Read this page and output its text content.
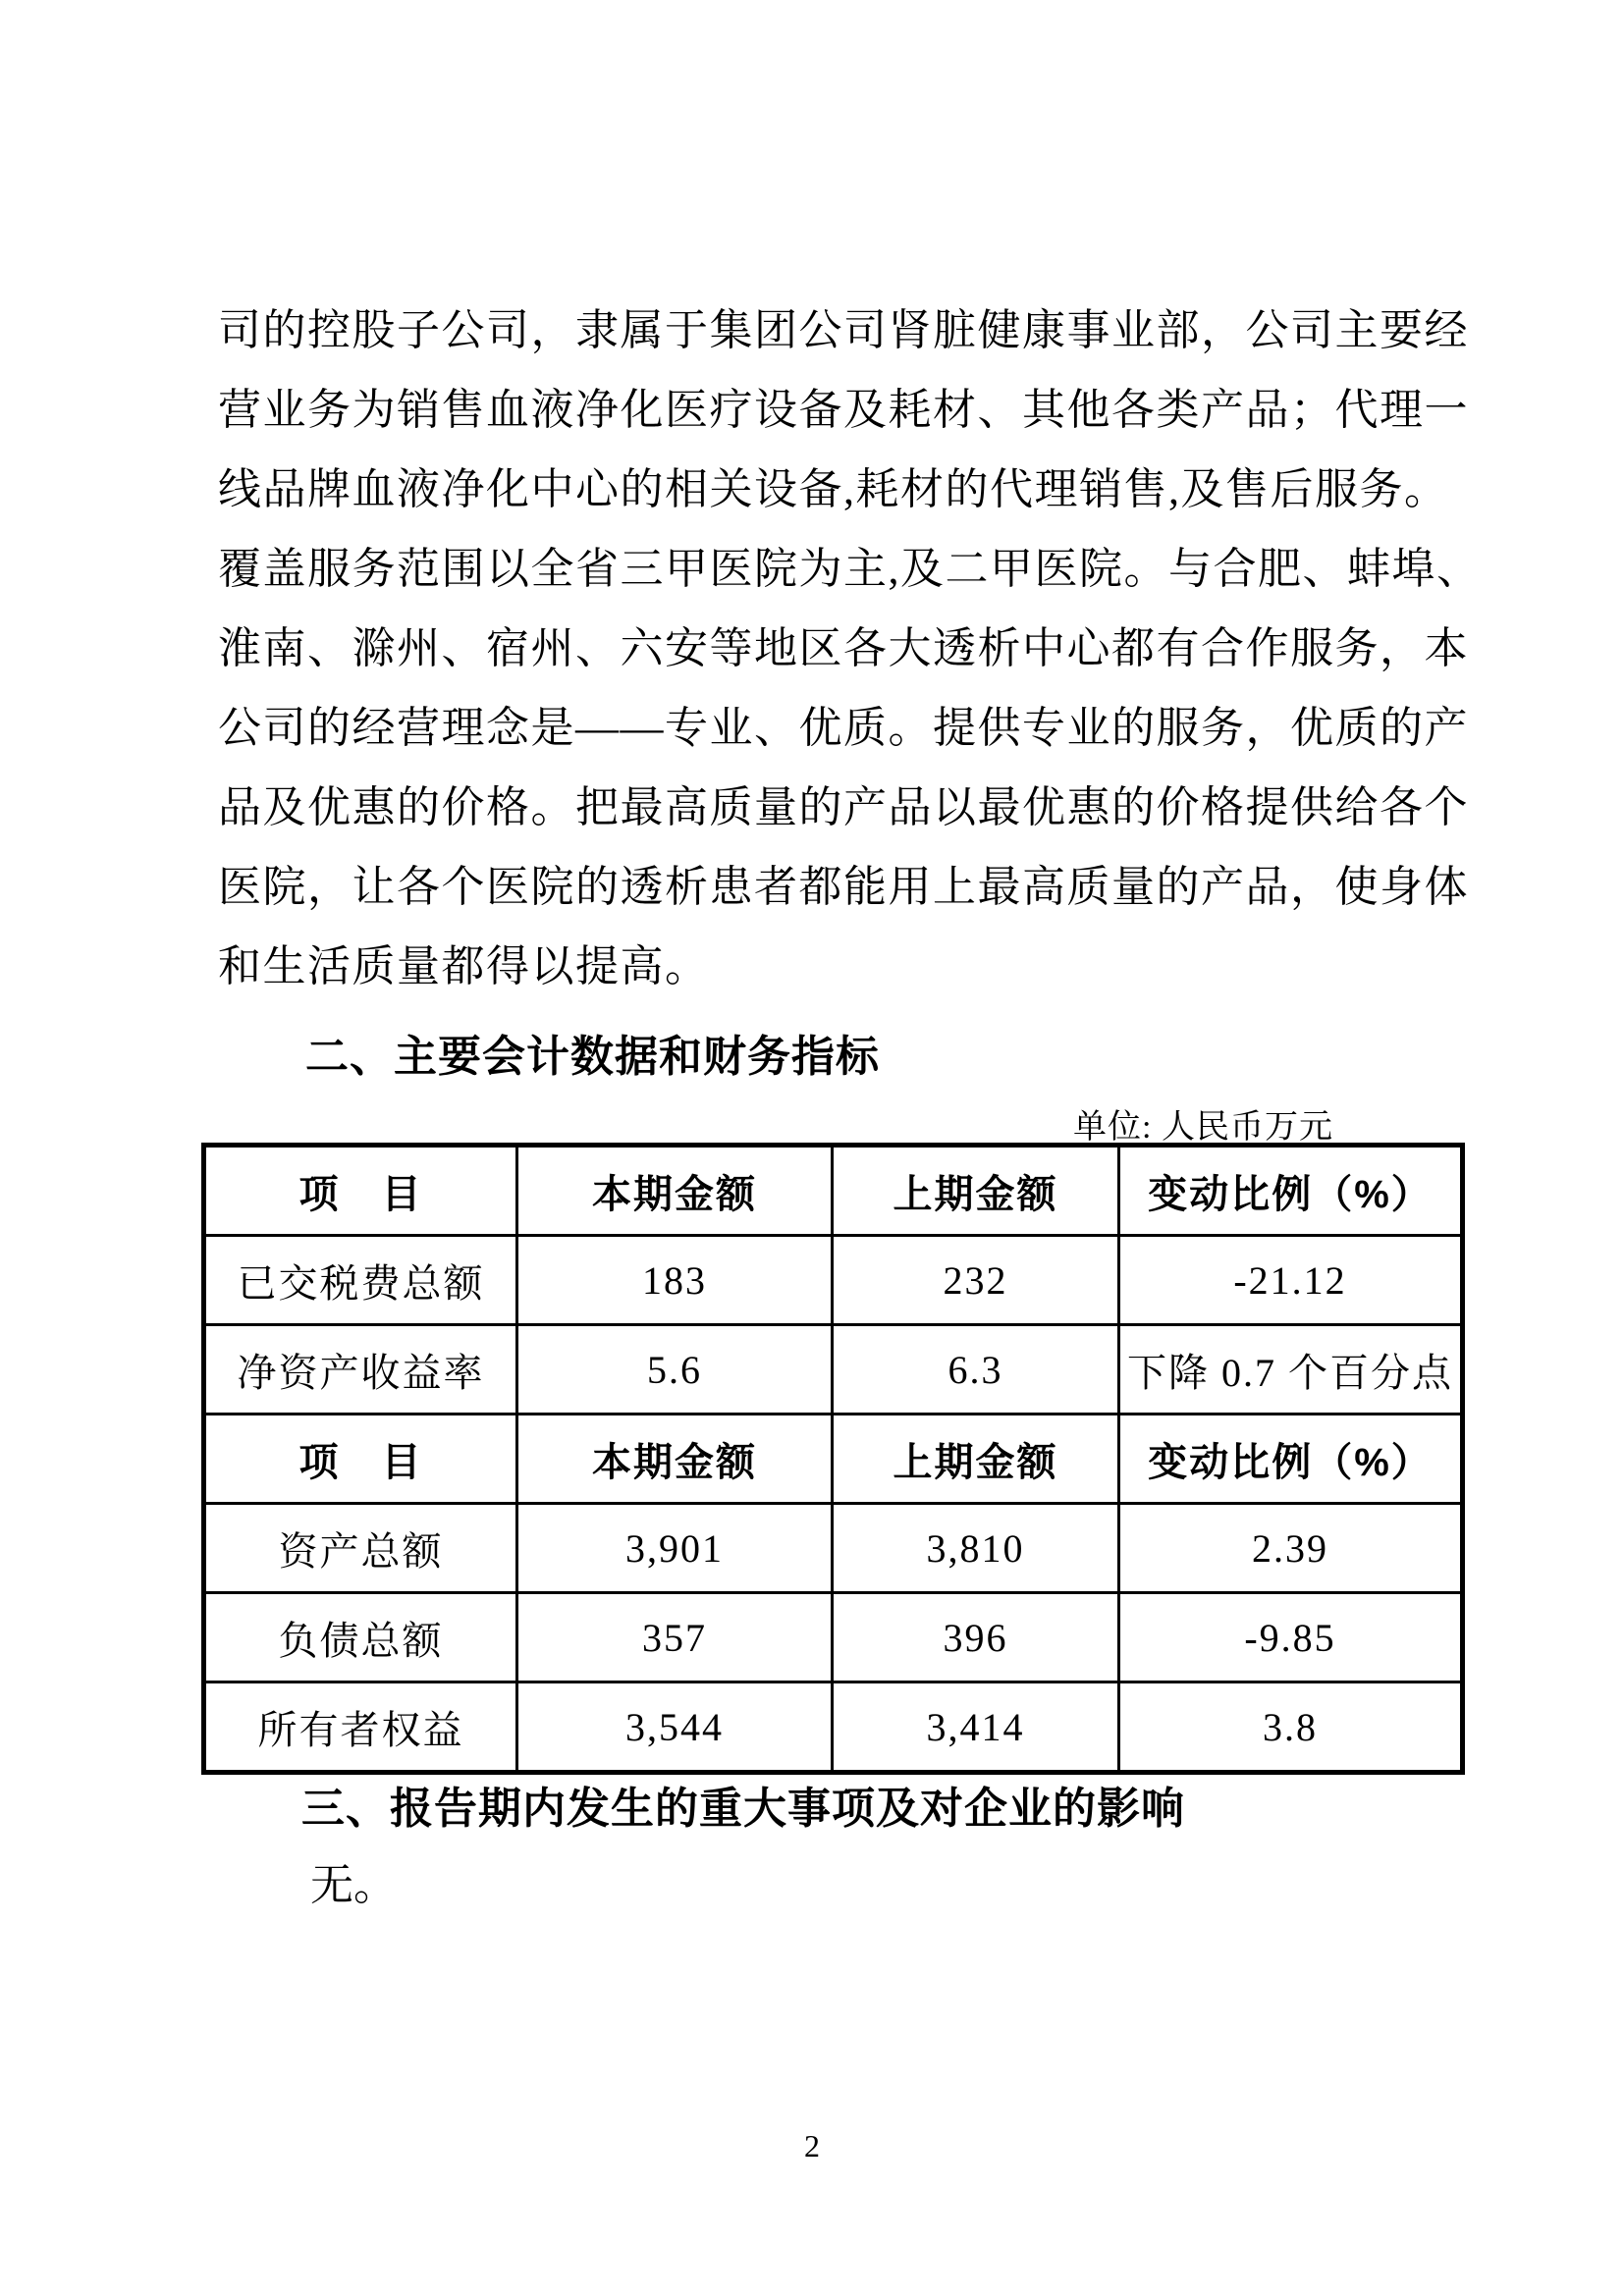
司的控股子公司，隶属于集团公司肾脏健康事业部，公司主要经
营业务为销售血液净化医疗设备及耗材、其他各类产品；代理一
线品牌血液净化中心的相关设备,耗材的代理销售,及售后服务。
覆盖服务范围以全省三甲医院为主,及二甲医院。与合肥、蚌埠、
淮南、滁州、宿州、六安等地区各大透析中心都有合作服务，本
公司的经营理念是——专业、优质。提供专业的服务，优质的产
品及优惠的价格。把最高质量的产品以最优惠的价格提供给各个
医院，让各个医院的透析患者都能用上最高质量的产品，使身体
和生活质量都得以提高。
二、主要会计数据和财务指标
单位: 人民币万元
项　目	本期金额	上期金额	变动比例（%）
已交税费总额	183	232	-21.12
净资产收益率	5.6	6.3	下降 0.7 个百分点
项　目	本期金额	上期金额	变动比例（%）
资产总额	3,901	3,810	2.39
负债总额	357	396	-9.85
所有者权益	3,544	3,414	3.8
三、报告期内发生的重大事项及对企业的影响
无。
2
